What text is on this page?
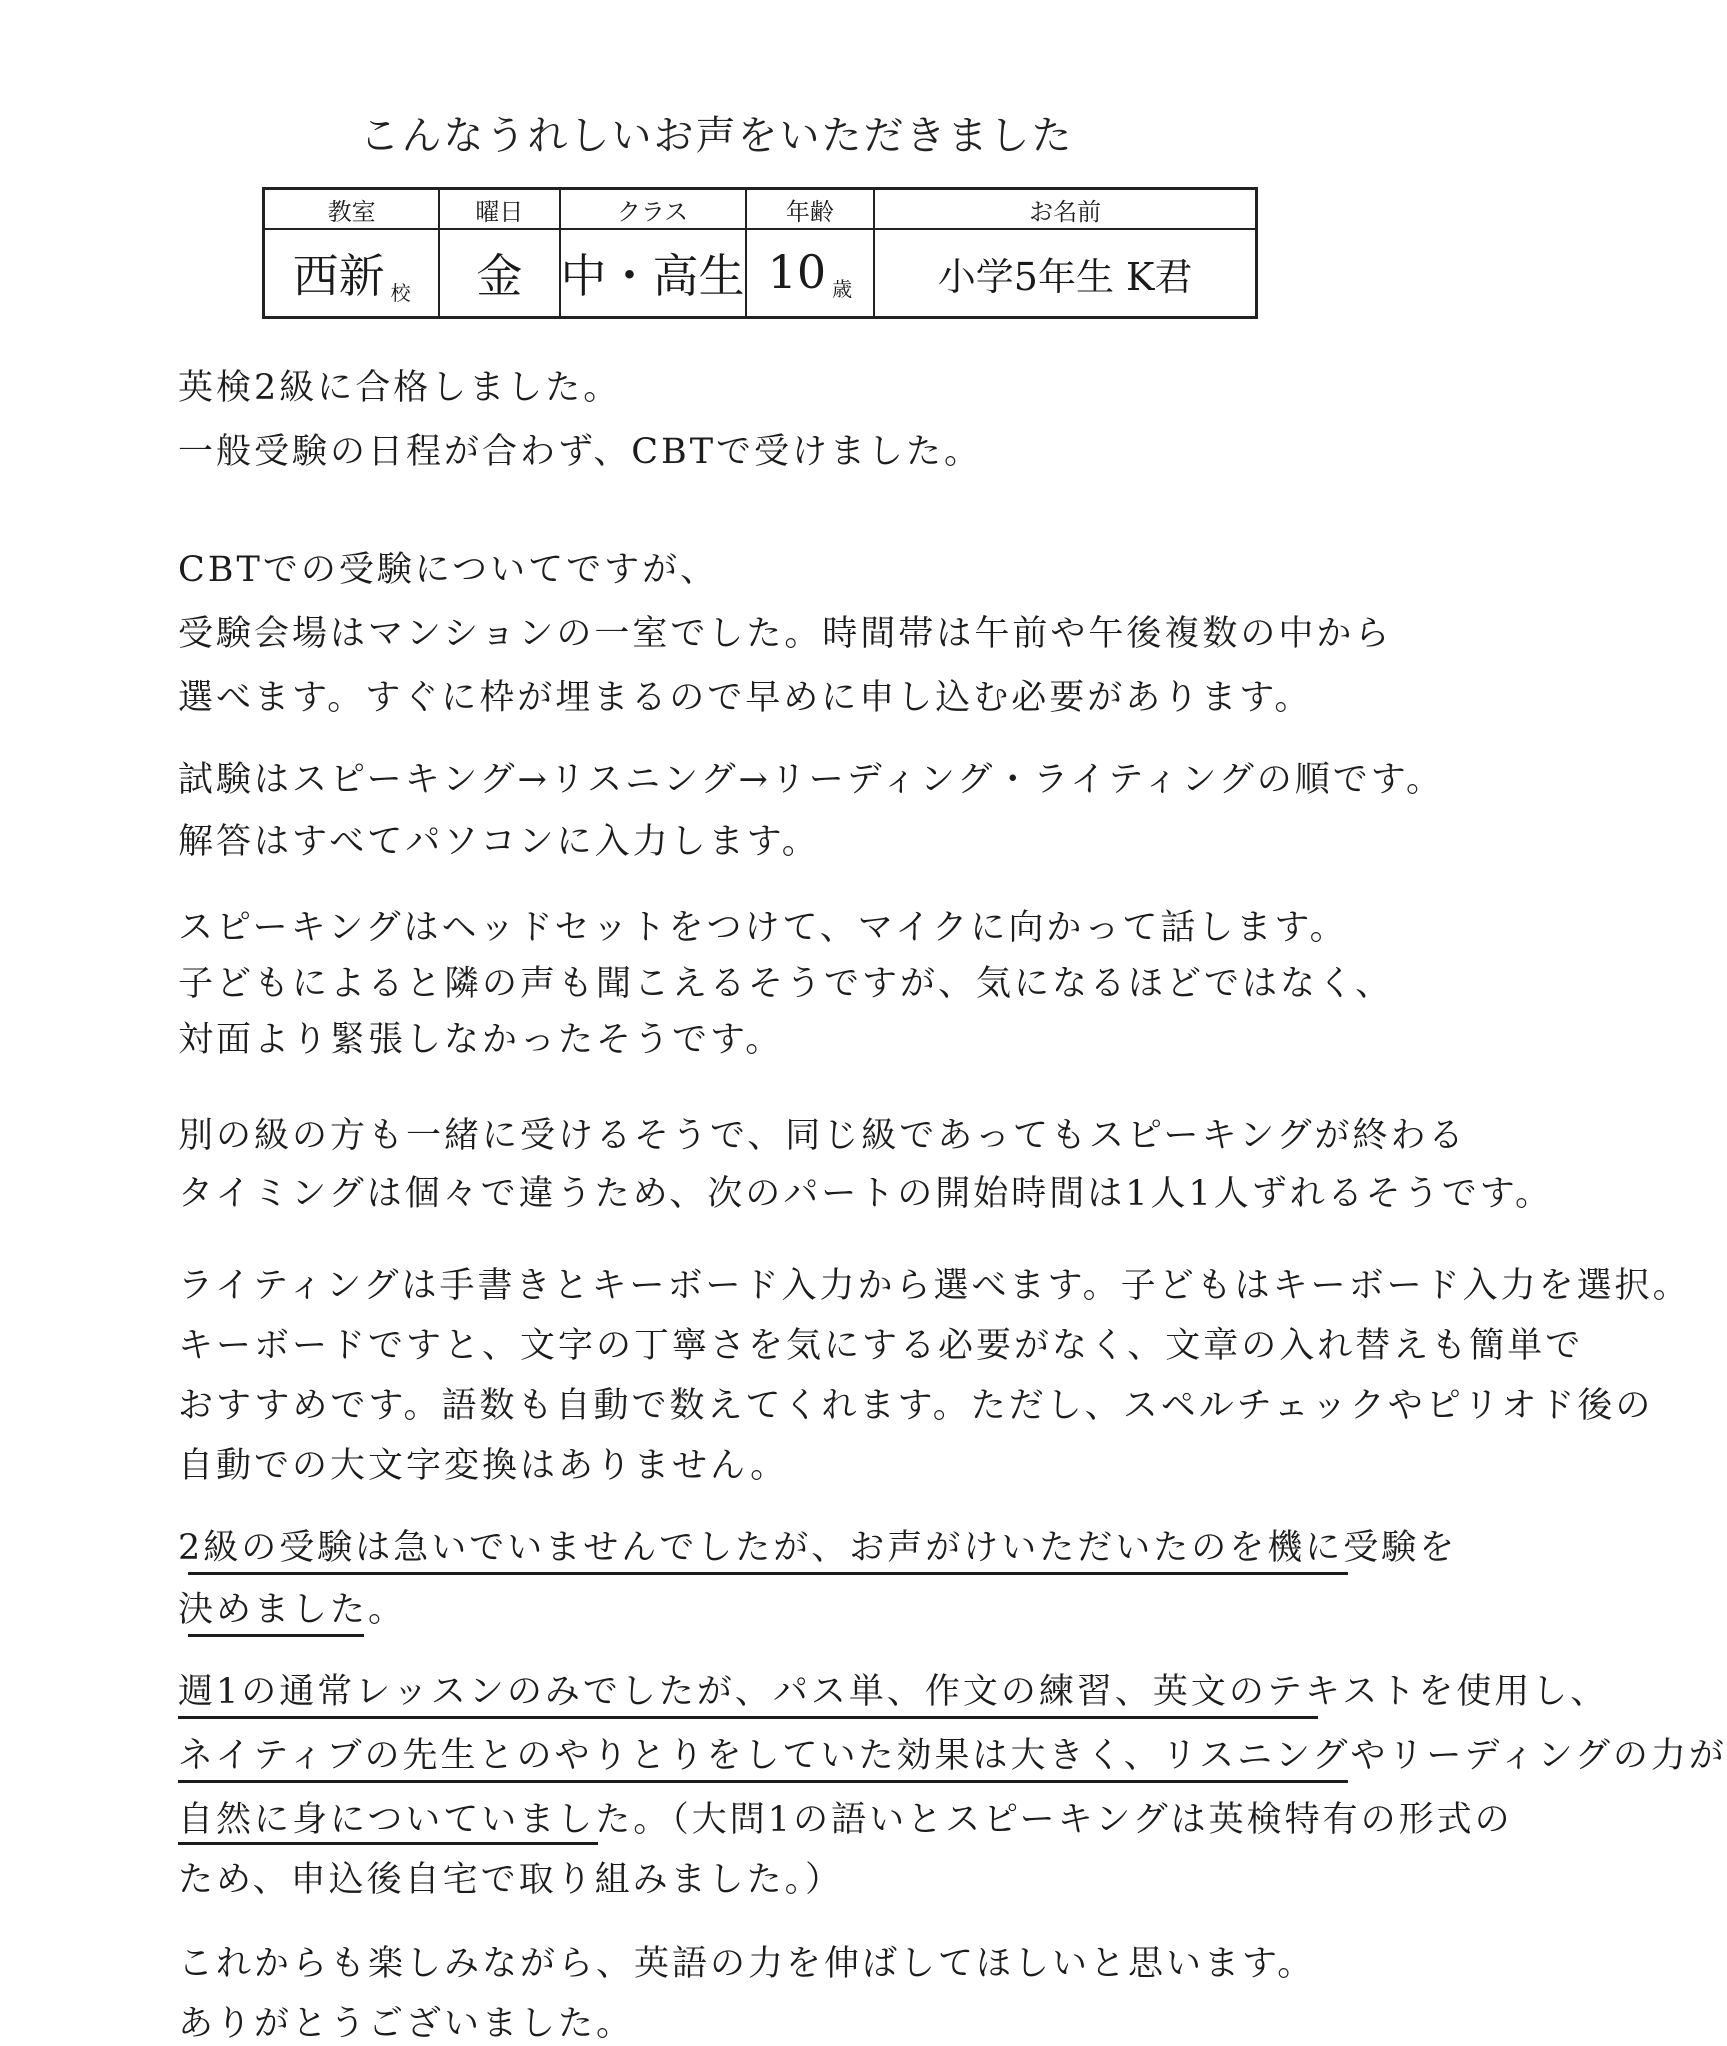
こんなうれしいお声をいただきました
教室	曜日	クラス	年齢	お名前
西新 校	金	中・高生	10 歳	小学5年生 K君
英検2級に合格しました。
一般受験の日程が合わず、CBTで受けました。
CBTでの受験についてですが、
受験会場はマンションの一室でした。時間帯は午前や午後複数の中から
選べます。すぐに枠が埋まるので早めに申し込む必要があります。
試験はスピーキング→リスニング→リーディング・ライティングの順です。
解答はすべてパソコンに入力します。
スピーキングはヘッドセットをつけて、マイクに向かって話します。
子どもによると隣の声も聞こえるそうですが、気になるほどではなく、
対面より緊張しなかったそうです。
別の級の方も一緒に受けるそうで、同じ級であってもスピーキングが終わる
タイミングは個々で違うため、次のパートの開始時間は1人1人ずれるそうです。
ライティングは手書きとキーボード入力から選べます。子どもはキーボード入力を選択。
キーボードですと、文字の丁寧さを気にする必要がなく、文章の入れ替えも簡単で
おすすめです。語数も自動で数えてくれます。ただし、スペルチェックやピリオド後の
自動での大文字変換はありません。
2級の受験は急いでいませんでしたが、お声がけいただいたのを機に受験を
決めました。
週1の通常レッスンのみでしたが、パス単、作文の練習、英文のテキストを使用し、
ネイティブの先生とのやりとりをしていた効果は大きく、リスニングやリーディングの力が
自然に身についていました。（大問1の語いとスピーキングは英検特有の形式の
ため、申込後自宅で取り組みました。）
これからも楽しみながら、英語の力を伸ばしてほしいと思います。
ありがとうございました。
